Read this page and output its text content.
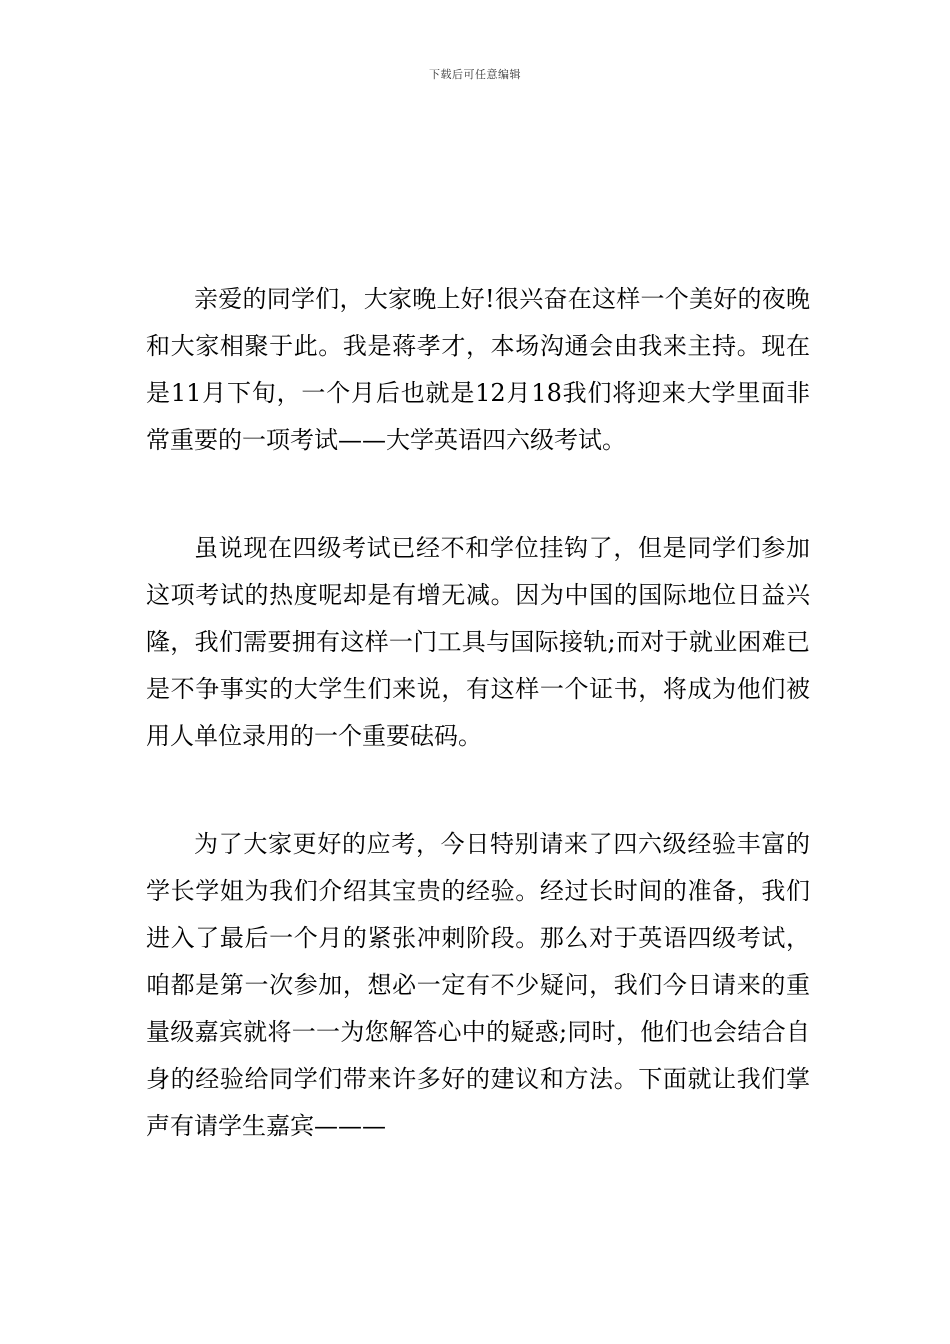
下载后可任意编辑

亲爱的同学们，大家晚上好!很兴奋在这样一个美好的夜晚和大家相聚于此。我是蒋孝才，本场沟通会由我来主持。现在是11月下旬，一个月后也就是12月18我们将迎来大学里面非常重要的一项考试——大学英语四六级考试。

虽说现在四级考试已经不和学位挂钩了，但是同学们参加这项考试的热度呢却是有增无减。因为中国的国际地位日益兴隆，我们需要拥有这样一门工具与国际接轨;而对于就业困难已是不争事实的大学生们来说，有这样一个证书，将成为他们被用人单位录用的一个重要砝码。

为了大家更好的应考，今日特别请来了四六级经验丰富的学长学姐为我们介绍其宝贵的经验。经过长时间的准备，我们进入了最后一个月的紧张冲刺阶段。那么对于英语四级考试，咱都是第一次参加，想必一定有不少疑问，我们今日请来的重量级嘉宾就将一一为您解答心中的疑惑;同时，他们也会结合自身的经验给同学们带来许多好的建议和方法。下面就让我们掌声有请学生嘉宾———
